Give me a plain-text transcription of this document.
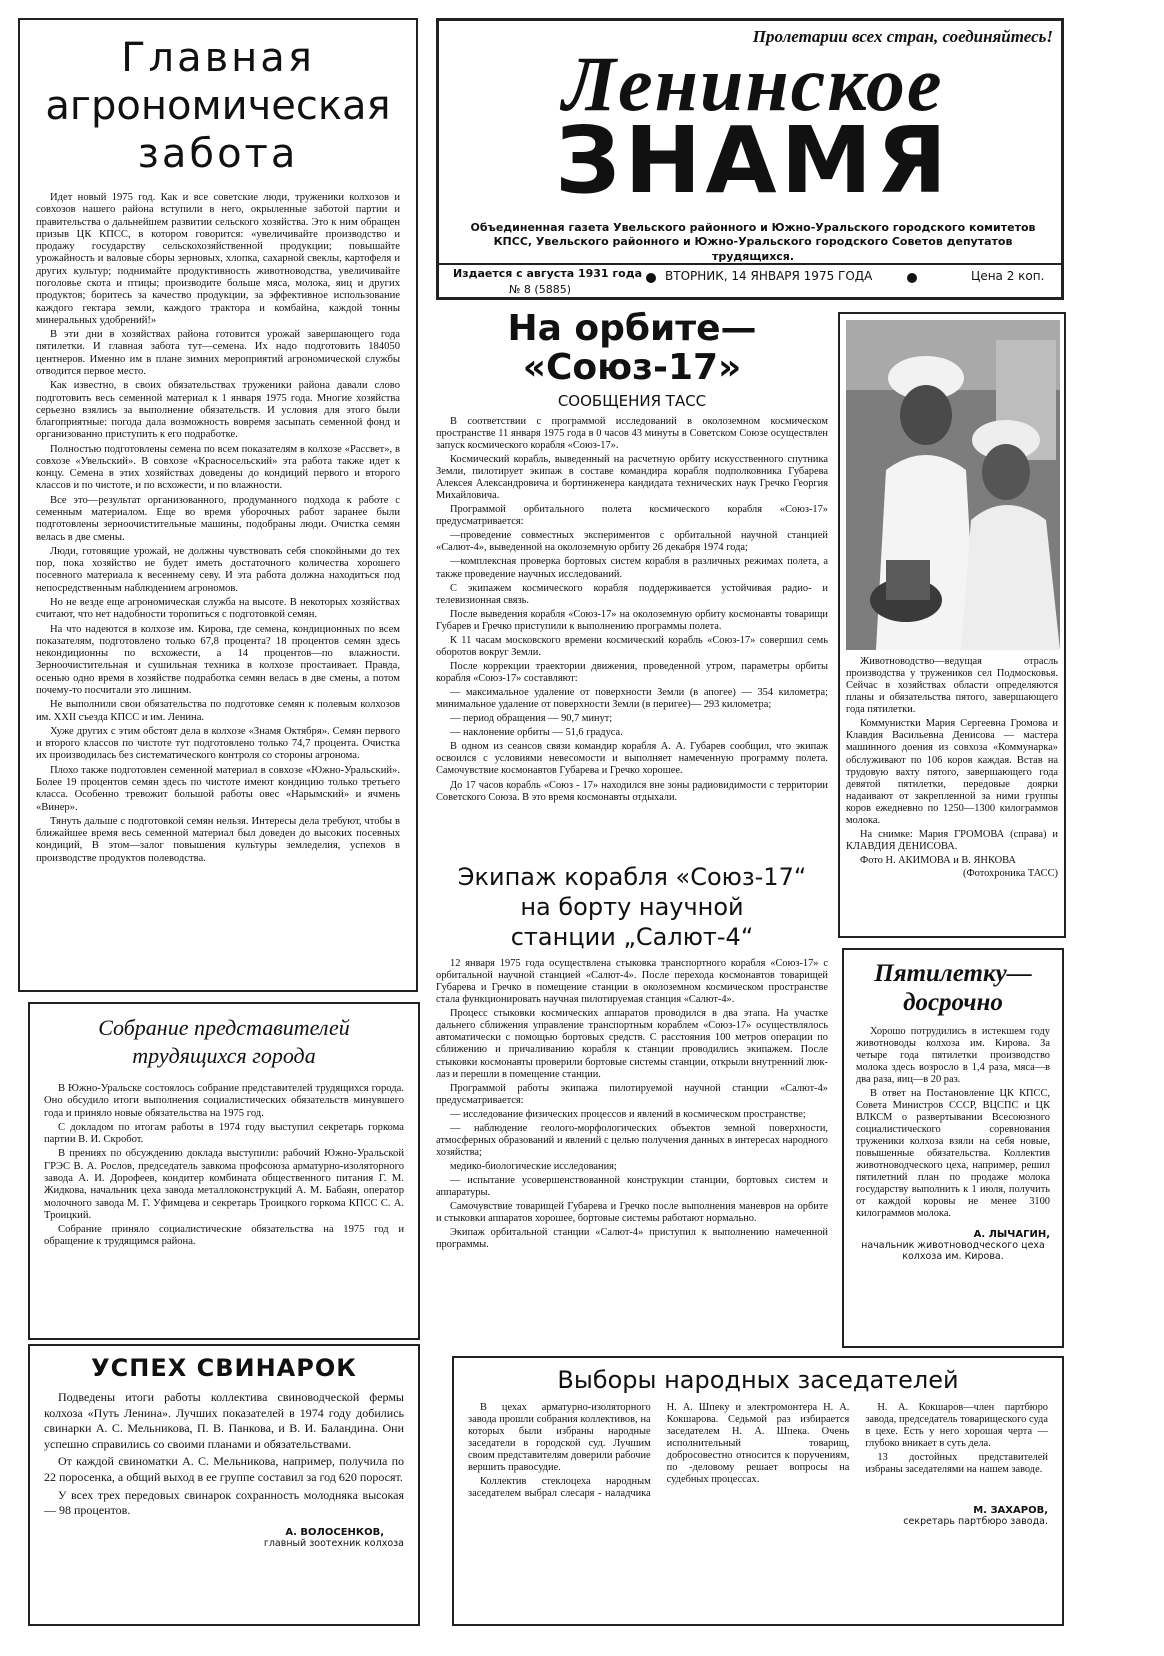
Главная
агрономическая
забота

Идет новый 1975 год. Как и все советские люди, труженики колхозов и совхозов нашего района вступили в него, окрыленные заботой партии и правительства о дальнейшем развитии сельского хозяйства. Это к ним обращен призыв ЦК КПСС, в котором говорится: «увеличивайте производство и продажу государству сельскохозяйственной продукции; повышайте урожайность и валовые сборы зерновых, хлопка, сахарной свеклы, картофеля и других культур; поднимайте продуктивность животноводства, увеличивайте поголовье скота и птицы; производите больше мяса, молока, яиц и других продуктов; боритесь за качество продукции, за эффективное использование каждого гектара земли, каждого трактора и комбайна, каждой тонны минеральных удобрений!»

В эти дни в хозяйствах района готовится урожай завершающего года пятилетки. И главная забота тут—семена. Их надо подготовить 184050 центнеров. Именно им в плане зимних мероприятий агрономической службы отводится первое место.

Как известно, в своих обязательствах труженики района давали слово подготовить весь семенной материал к 1 января 1975 года. Многие хозяйства серьезно взялись за выполнение обязательств. И условия для этого были благоприятные: погода дала возможность вовремя засыпать семенной фонд и организованно приступить к его подработке.

Полностью подготовлены семена по всем показателям в колхозе «Рассвет», в совхозе «Увельский». В совхозе «Красносельский» эта работа также идет к концу. Семена в этих хозяйствах доведены до кондиций первого и второго классов и по чистоте, и по всхожести, и по влажности.

Все это—результат организованного, продуманного подхода к работе с семенным материалом. Еще во время уборочных работ заранее были подготовлены зерноочистительные машины, подобраны люди. Очистка семян велась в две смены.

Люди, готовящие урожай, не должны чувствовать себя спокойными до тех пор, пока хозяйство не будет иметь достаточного количества хорошего посевного материала к весеннему севу. И эта работа должна находиться под непосредственным наблюдением агрономов.

Но не везде еще агрономическая служба на высоте. В некоторых хозяйствах считают, что нет надобности торопиться с подготовкой семян.

На что надеются в колхозе им. Кирова, где семена, кондиционных по всем показателям, подготовлено только 67,8 процента? 18 процентов семян здесь некондиционны по всхожести, а 14 процентов—по влажности. Зерноочистительная и сушильная техника в колхозе простаивает. Правда, осенью одно время в хозяйстве подработка семян велась в две смены, а потом почему-то посчитали это лишним.

Не выполнили свои обязательства по подготовке семян к полевым колхозов им. XXII съезда КПСС и им. Ленина.

Хуже других с этим обстоят дела в колхозе «Знамя Октября». Семян первого и второго классов по чистоте тут подготовлено только 74,7 процента. Очистка их производилась без систематического контроля со стороны агронома.

Плохо также подготовлен семенной материал в совхозе «Южно-Уральский». Более 19 процентов семян здесь по чистоте имеют кондицию только третьего класса. Особенно тревожит большой работы овес «Нарымский» и ячмень «Винер».

Тянуть дальше с подготовкой семян нельзя. Интересы дела требуют, чтобы в ближайшее время весь семенной материал был доведен до высоких посевных кондиций, В этом—залог повышения культуры земледелия, успехов в производстве продуктов полеводства.

Пролетарии всех стран, соединяйтесь!
Ленинское
ЗНАМЯ
Объединенная газета Увельского районного и Южно-Уральского городского комитетов КПСС, Увельского районного и Южно-Уральского городского Советов депутатов трудящихся.
Издается с августа 1931 года
№ 8 (5885)
ВТОРНИК, 14 ЯНВАРЯ 1975 ГОДА	Цена 2 коп.
На орбите—
«Союз-17»
СООБЩЕНИЯ ТАСС

В соответствии с программой исследований в околоземном космическом пространстве 11 января 1975 года в 0 часов 43 минуты в Советском Союзе осуществлен запуск космического корабля «Союз-17».

Космический корабль, выведенный на расчетную орбиту искусственного спутника Земли, пилотирует экипаж в составе командира корабля подполковника Губарева Алексея Александровича и бортинженера кандидата технических наук Гречко Георгия Михайловича.

Программой орбитального полета космического корабля «Союз-17» предусматривается:

—проведение совместных экспериментов с орбитальной научной станцией «Салют-4», выведенной на околоземную орбиту 26 декабря 1974 года;

—комплексная проверка бортовых систем корабля в различных режимах полета, а также проведение научных исследований.

С экипажем космического корабля поддерживается устойчивая радио- и телевизионная связь.

После выведения корабля «Союз-17» на околоземную орбиту космонавты товарищи Губарев и Гречко приступили к выполнению программы полета.

К 11 часам московского времени космический корабль «Союз-17» совершил семь оборотов вокруг Земли.

После коррекции траектории движения, проведенной утром, параметры орбиты корабля «Союз-17» составляют:

— максимальное удаление от поверхности Земли (в апогее) — 354 километра; минимальное удаление от поверхности Земли (в перигее)— 293 километра;

— период обращения — 90,7 минут;

— наклонение орбиты — 51,6 градуса.

В одном из сеансов связи командир корабля А. А. Губарев сообщил, что экипаж освоился с условиями невесомости и выполняет намеченную программу полета. Самочувствие космонавтов Губарева и Гречко хорошее.

До 17 часов корабль «Союз - 17» находился вне зоны радиовидимости с территории Советского Союза. В это время космонавты отдыхали.

Животноводство—ведущая отрасль производства у тружеников сел Подмосковья. Сейчас в хозяйствах области определяются планы и обязательства пятого, завершающего года пятилетки.

Коммунистки Мария Сергеевна Громова и Клавдия Васильевна Денисова — мастера машинного доения из совхоза «Коммунарка» обслуживают по 106 коров каждая. Встав на трудовую вахту пятого, завершающего года девятой пятилетки, передовые доярки надаивают от закрепленной за ними группы коров ежедневно по 1250—1300 килограммов молока.

На снимке: Мария ГРОМОВА (справа) и КЛАВДИЯ ДЕНИСОВА.

Фото Н. АКИМОВА и В. ЯНКОВА
(Фотохроника ТАСС)
Экипаж корабля «Союз-17“
на борту научной
станции „Салют-4“

12 января 1975 года осуществлена стыковка транспортного корабля «Союз-17» с орбитальной научной станцией «Салют-4». После перехода космонавтов товарищей Губарева и Гречко в помещение станции в околоземном космическом пространстве стала функционировать научная пилотируемая станция «Салют-4».

Процесс стыковки космических аппаратов проводился в два этапа. На участке дальнего сближения управление транспортным кораблем «Союз-17» осуществлялось автоматически с помощью бортовых средств. С расстояния 100 метров операции по сближению и причаливанию корабля к станции проводились экипажем. После стыковки космонавты проверили бортовые системы станции, открыли внутренний люк-лаз и перешли в помещение станции.

Программой работы экипажа пилотируемой научной станции «Салют-4» предусматривается:

— исследование физических процессов и явлений в космическом пространстве;

— наблюдение геолого-морфологических объектов земной поверхности, атмосферных образований и явлений с целью получения данных в интересах народного хозяйства;

медико-биологические исследования;

— испытание усовершенствованной конструкции станции, бортовых систем и аппаратуры.

Самочувствие товарищей Губарева и Гречко после выполнения маневров на орбите и стыковки аппаратов хорошее, бортовые системы работают нормально.

Экипаж орбитальной станции «Салют-4» приступил к выполнению намеченной программы.

Пятилетку—
досрочно

Хорошо потрудились в истекшем году животноводы колхоза им. Кирова. За четыре года пятилетки производство молока здесь возросло в 1,4 раза, мяса—в два раза, яиц—в 20 раз.

В ответ на Постановление ЦК КПСС, Совета Министров СССР, ВЦСПС и ЦК ВЛКСМ о развертывании Всесоюзного социалистического соревнования труженики колхоза взяли на себя новые, повышенные обязательства. Коллектив животноводческого цеха, например, решил пятилетний план по продаже молока государству выполнить к 1 июля, получить от каждой коровы не менее 3100 килограммов молока.

А. ЛЫЧАГИН,
начальник животноводческого цеха колхоза им. Кирова.
Собрание представителей
трудящихся города

В Южно-Уральске состоялось собрание представителей трудящихся города. Оно обсудило итоги выполнения социалистических обязательств минувшего года и приняло новые обязательства на 1975 год.

С докладом по итогам работы в 1974 году выступил секретарь горкома партии В. И. Скробот.

В прениях по обсуждению доклада выступили: рабочий Южно-Уральской ГРЭС В. А. Рослов, председатель завкома профсоюза арматурно-изоляторного завода А. И. Дорофеев, кондитер комбината общественного питания Г. М. Жидкова, начальник цеха завода металлоконструкций А. М. Бабаян, оператор молочного завода М. Г. Уфимцева и секретарь Троицкого горкома КПСС С. А. Троицкий.

Собрание приняло социалистические обязательства на 1975 год и обращение к трудящимся района.

УСПЕХ СВИНАРОК

Подведены итоги работы коллектива свиноводческой фермы колхоза «Путь Ленина». Лучших показателей в 1974 году добились свинарки А. С. Мельникова, П. В. Панкова, и В. И. Баландина. Они успешно справились со своими планами и обязательствами.

От каждой свиноматки А. С. Мельникова, например, получила по 22 поросенка, а общий выход в ее группе составил за год 620 поросят.

У всех трех передовых свинарок сохранность молодняка высокая — 98 процентов.

А. ВОЛОСЕНКОВ,
главный зоотехник колхоза
Выборы народных заседателей

В цехах арматурно-изоляторного завода прошли собрания коллективов, на которых были избраны народные заседатели в городской суд. Лучшим своим представителям доверили рабочие вершить правосудие.

Коллектив стеклоцеха народным заседателем выбрал слесаря - наладчика Н. А. Шпеку и электромонтера Н. А. Кокшарова. Седьмой раз избирается заседателем Н. А. Шпека. Очень исполнительный товарищ, добросовестно относится к поручениям, по -деловому решает вопросы на судебных процессах.

Н. А. Кокшаров—член партбюро завода, председатель товарищеского суда в цехе. Есть у него хорошая черта — глубоко вникает в суть дела.

13 достойных представителей избраны заседателями на нашем заводе.

М. ЗАХАРОВ,
секретарь партбюро завода.
